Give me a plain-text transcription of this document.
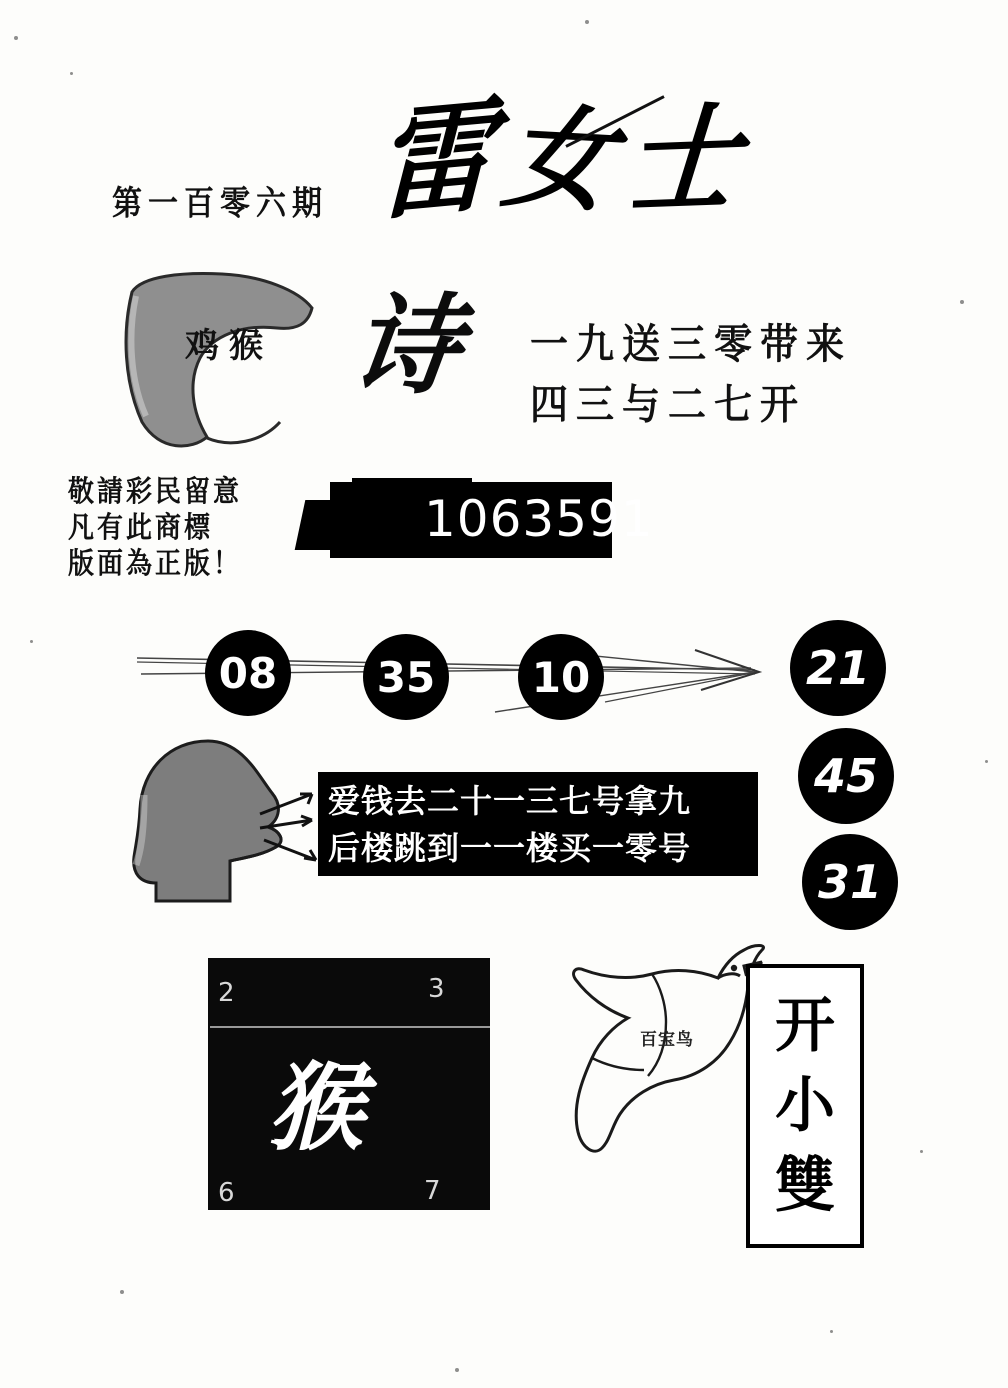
第一百零六期 雷女士
鸡猴 诗 一九送三零带来
四三与二七开
敬請彩民留意
凡有此商標
版面為正版！
1063591
08	35	10	21
45
31
爱钱去二十一三七号拿九
后楼跳到一一楼买一零号
2	3
6	7
猴
百宝鸟 开
小
雙
